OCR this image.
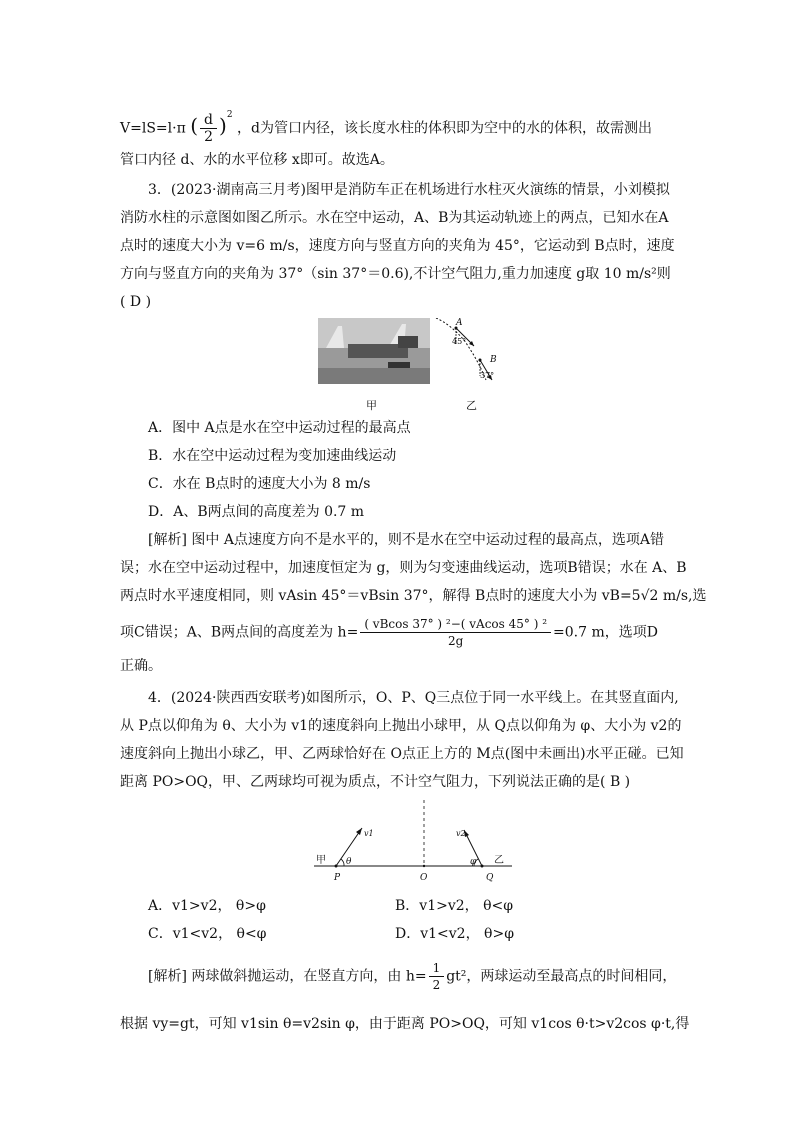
V=lS=l·π ( $\frac{d}{2} )^2$ ，d为管口内径，该长度水柱的体积即为空中的水的体积，故需测出
管口内径 d、水的水平位移 x即可。故选A。
3．(2023·湖南高三月考)图甲是消防车正在机场进行水柱灭火演练的情景，小刘模拟
消防水柱的示意图如图乙所示。水在空中运动，A、B为其运动轨迹上的两点，已知水在A
点时的速度大小为 v=6 m/s，速度方向与竖直方向的夹角为 45°，它运动到 B点时，速度
方向与竖直方向的夹角为 37°（sin 37°＝0.6),不计空气阻力,重力加速度 g取 10 m/s²则
( D )
甲
A
45°
B
37°
乙
A．图中 A点是水在空中运动过程的最高点
B．水在空中运动过程为变加速曲线运动
C．水在 B点时的速度大小为 8 m/s
D．A、B两点间的高度差为 0.7 m
[解析] 图中 A点速度方向不是水平的，则不是水在空中运动过程的最高点，选项A错
误；水在空中运动过程中，加速度恒定为 g，则为匀变速曲线运动，选项B错误；水在 A、B
两点时水平速度相同，则 vAsin 45°＝vBsin 37°，解得 B点时的速度大小为 vB=5√2 m/s,选
项C错误；A、B两点间的高度差为 $h= \frac{\text{( vBcos 37° ) ²−( vAcos 45° ) ²}}{2g} =0.7$ m，选项D
正确。
4．(2024·陕西西安联考)如图所示，O、P、Q三点位于同一水平线上。在其竖直面内,
从 P点以仰角为 θ、大小为 v1的速度斜向上抛出小球甲，从 Q点以仰角为 φ、大小为 v2的
速度斜向上抛出小球乙，甲、乙两球恰好在 O点正上方的 M点(图中未画出)水平正碰。已知
距离 PO>OQ，甲、乙两球均可视为质点，不计空气阻力，下列说法正确的是( B )
甲 θ
v1
P	O	Q
v2
φ 乙
A．v1>v2， θ>φ	B．v1>v2， θ<φ
C．v1<v2， θ<φ	D．v1<v2， θ>φ
[解析] 两球做斜抛运动，在竖直方向，由 $h= \frac{1}{2} gt^2$，两球运动至最高点的时间相同，
根据 vy=gt，可知 v1sin θ=v2sin φ，由于距离 PO>OQ，可知 v1cos θ·t>v2cos φ·t,得
